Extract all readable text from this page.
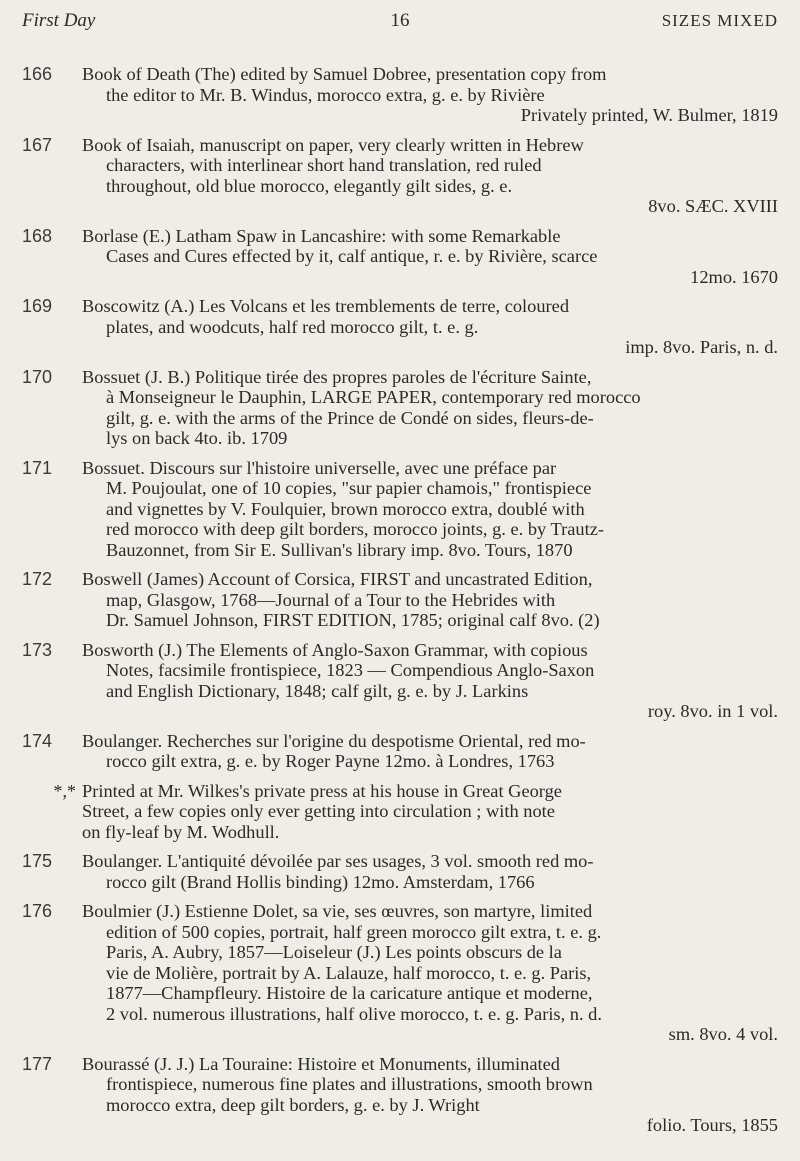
First Day	16	SIZES MIXED
166	Book of Death (The) edited by Samuel Dobree, presentation copy from
the editor to Mr. B. Windus, morocco extra, g. e. by Rivière
Privately printed, W. Bulmer, 1819
167	Book of Isaiah, manuscript on paper, very clearly written in Hebrew
characters, with interlinear short hand translation, red ruled
throughout, old blue morocco, elegantly gilt sides, g. e.
8vo. SÆC. XVIII
168	Borlase (E.) Latham Spaw in Lancashire: with some Remarkable
Cases and Cures effected by it, calf antique, r. e. by Rivière, scarce
12mo. 1670
169	Boscowitz (A.) Les Volcans et les tremblements de terre, coloured
plates, and woodcuts, half red morocco gilt, t. e. g.
imp. 8vo. Paris, n. d.
170	Bossuet (J. B.) Politique tirée des propres paroles de l'écriture Sainte,
à Monseigneur le Dauphin, LARGE PAPER, contemporary red morocco
gilt, g. e. with the arms of the Prince de Condé on sides, fleurs-de-
lys on back 4to. ib. 1709
171	Bossuet. Discours sur l'histoire universelle, avec une préface par
M. Poujoulat, one of 10 copies, "sur papier chamois," frontispiece
and vignettes by V. Foulquier, brown morocco extra, doublé with
red morocco with deep gilt borders, morocco joints, g. e. by Trautz-
Bauzonnet, from Sir E. Sullivan's library imp. 8vo. Tours, 1870
172	Boswell (James) Account of Corsica, FIRST and uncastrated Edition,
map, Glasgow, 1768—Journal of a Tour to the Hebrides with
Dr. Samuel Johnson, FIRST EDITION, 1785; original calf 8vo. (2)
173	Bosworth (J.) The Elements of Anglo-Saxon Grammar, with copious
Notes, facsimile frontispiece, 1823 — Compendious Anglo-Saxon
and English Dictionary, 1848; calf gilt, g. e. by J. Larkins
roy. 8vo. in 1 vol.
174	Boulanger. Recherches sur l'origine du despotisme Oriental, red mo-
rocco gilt extra, g. e. by Roger Payne 12mo. à Londres, 1763
*,* Printed at Mr. Wilkes's private press at his house in Great George
Street, a few copies only ever getting into circulation ; with note
on fly-leaf by M. Wodhull.
175	Boulanger. L'antiquité dévoilée par ses usages, 3 vol. smooth red mo-
rocco gilt (Brand Hollis binding) 12mo. Amsterdam, 1766
176	Boulmier (J.) Estienne Dolet, sa vie, ses œuvres, son martyre, limited
edition of 500 copies, portrait, half green morocco gilt extra, t. e. g.
Paris, A. Aubry, 1857—Loiseleur (J.) Les points obscurs de la
vie de Molière, portrait by A. Lalauze, half morocco, t. e. g. Paris,
1877—Champfleury. Histoire de la caricature antique et moderne,
2 vol. numerous illustrations, half olive morocco, t. e. g. Paris, n. d.
sm. 8vo. 4 vol.
177	Bourassé (J. J.) La Touraine: Histoire et Monuments, illuminated
frontispiece, numerous fine plates and illustrations, smooth brown
morocco extra, deep gilt borders, g. e. by J. Wright
folio. Tours, 1855
